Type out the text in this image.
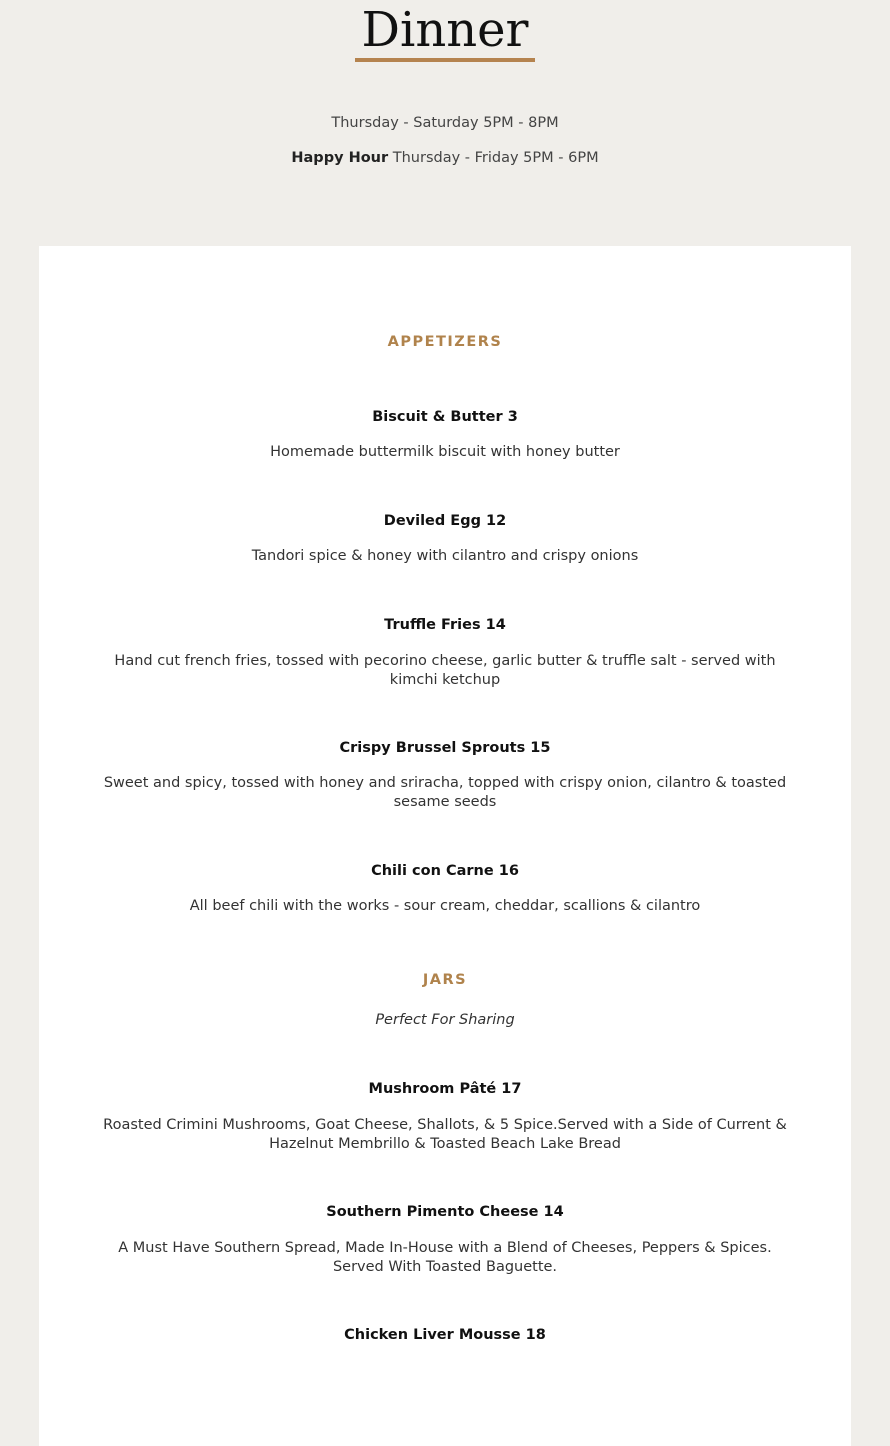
Dinner
Thursday - Saturday 5PM - 8PM
Happy Hour Thursday - Friday 5PM - 6PM
APPETIZERS
Biscuit & Butter 3
Homemade buttermilk biscuit with honey butter
Deviled Egg 12
Tandori spice & honey with cilantro and crispy onions
Truffle Fries 14
Hand cut french fries, tossed with pecorino cheese, garlic butter & truffle salt - served with kimchi ketchup
Crispy Brussel Sprouts 15
Sweet and spicy, tossed with honey and sriracha, topped with crispy onion, cilantro & toasted sesame seeds
Chili con Carne 16
All beef chili with the works - sour cream, cheddar, scallions & cilantro
JARS
Perfect For Sharing
Mushroom Pâté 17
Roasted Crimini Mushrooms, Goat Cheese, Shallots, & 5 Spice.Served with a Side of Current & Hazelnut Membrillo & Toasted Beach Lake Bread
Southern Pimento Cheese 14
A Must Have Southern Spread, Made In-House with a Blend of Cheeses, Peppers & Spices. Served With Toasted Baguette.
Chicken Liver Mousse 18
